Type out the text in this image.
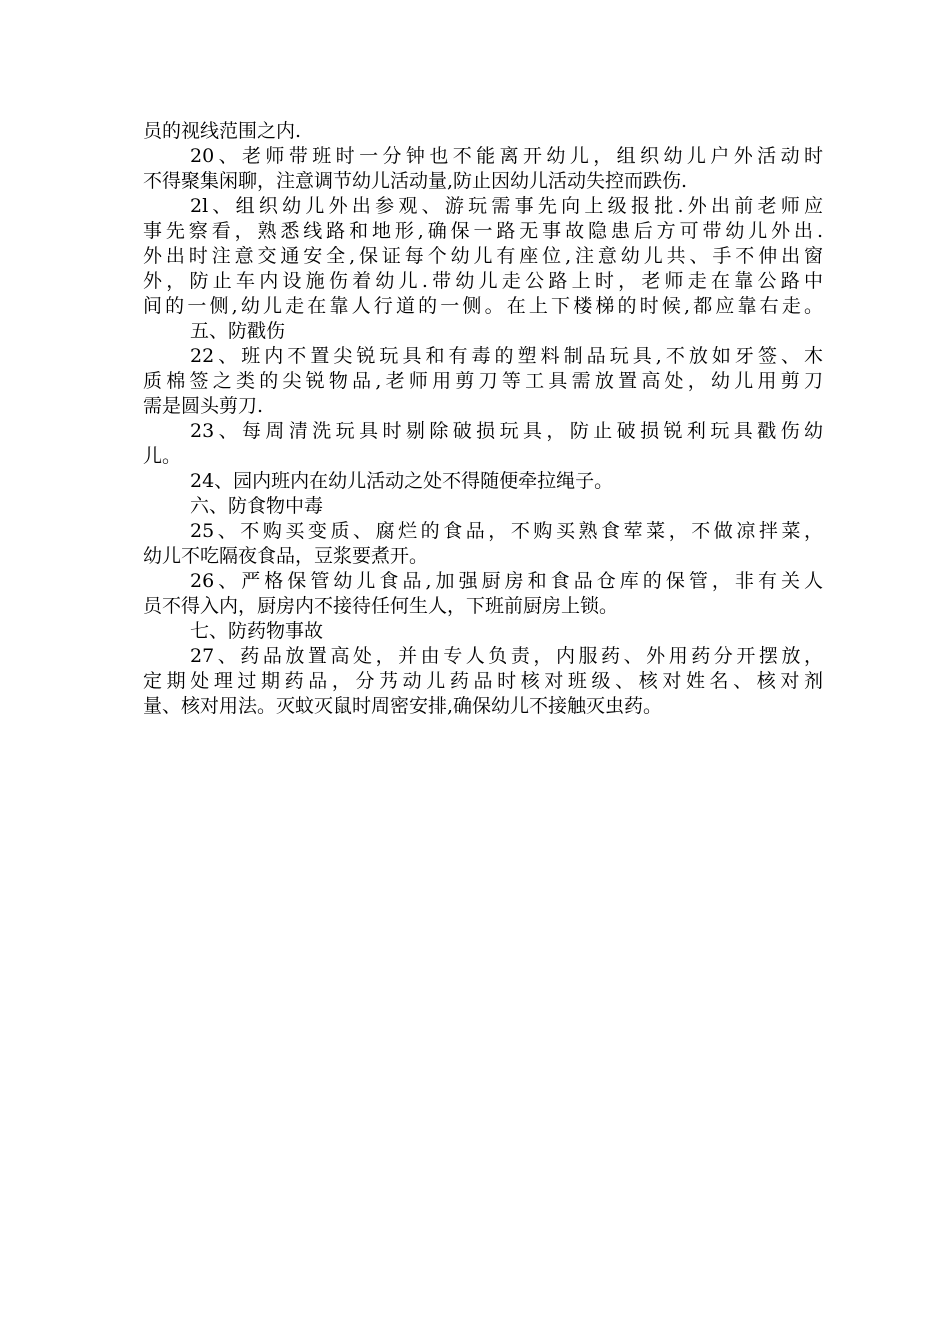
员的视线范围之内.
20、老师带班时一分钟也不能离开幼儿，组织幼儿户外活动时
不得聚集闲聊，注意调节幼儿活动量,防止因幼儿活动失控而跌伤.
2l、组织幼儿外出参观、游玩需事先向上级报批.外出前老师应
事先察看，熟悉线路和地形,确保一路无事故隐患后方可带幼儿外出.
外出时注意交通安全,保证每个幼儿有座位,注意幼儿共、手不伸出窗
外，防止车内设施伤着幼儿.带幼儿走公路上时，老师走在靠公路中
间的一侧,幼儿走在靠人行道的一侧。在上下楼梯的时候,都应靠右走。
五、防戳伤
22、班内不置尖锐玩具和有毒的塑料制品玩具,不放如牙签、木
质棉签之类的尖锐物品,老师用剪刀等工具需放置高处，幼儿用剪刀
需是圆头剪刀.
23、每周清洗玩具时剔除破损玩具，防止破损锐利玩具戳伤幼
儿。
24、园内班内在幼儿活动之处不得随便牵拉绳子。
六、防食物中毒
25、不购买变质、腐烂的食品，不购买熟食荤菜，不做凉拌菜，
幼儿不吃隔夜食品，豆浆要煮开。
26、严格保管幼儿食品,加强厨房和食品仓库的保管，非有关人
员不得入内，厨房内不接待任何生人，下班前厨房上锁。
七、防药物事故
27、药品放置高处，并由专人负责，内服药、外用药分开摆放，
定期处理过期药品，分艿动儿药品时核对班级、核对姓名、核对剂
量、核对用法。灭蚊灭鼠时周密安排,确保幼儿不接触灭虫药。
